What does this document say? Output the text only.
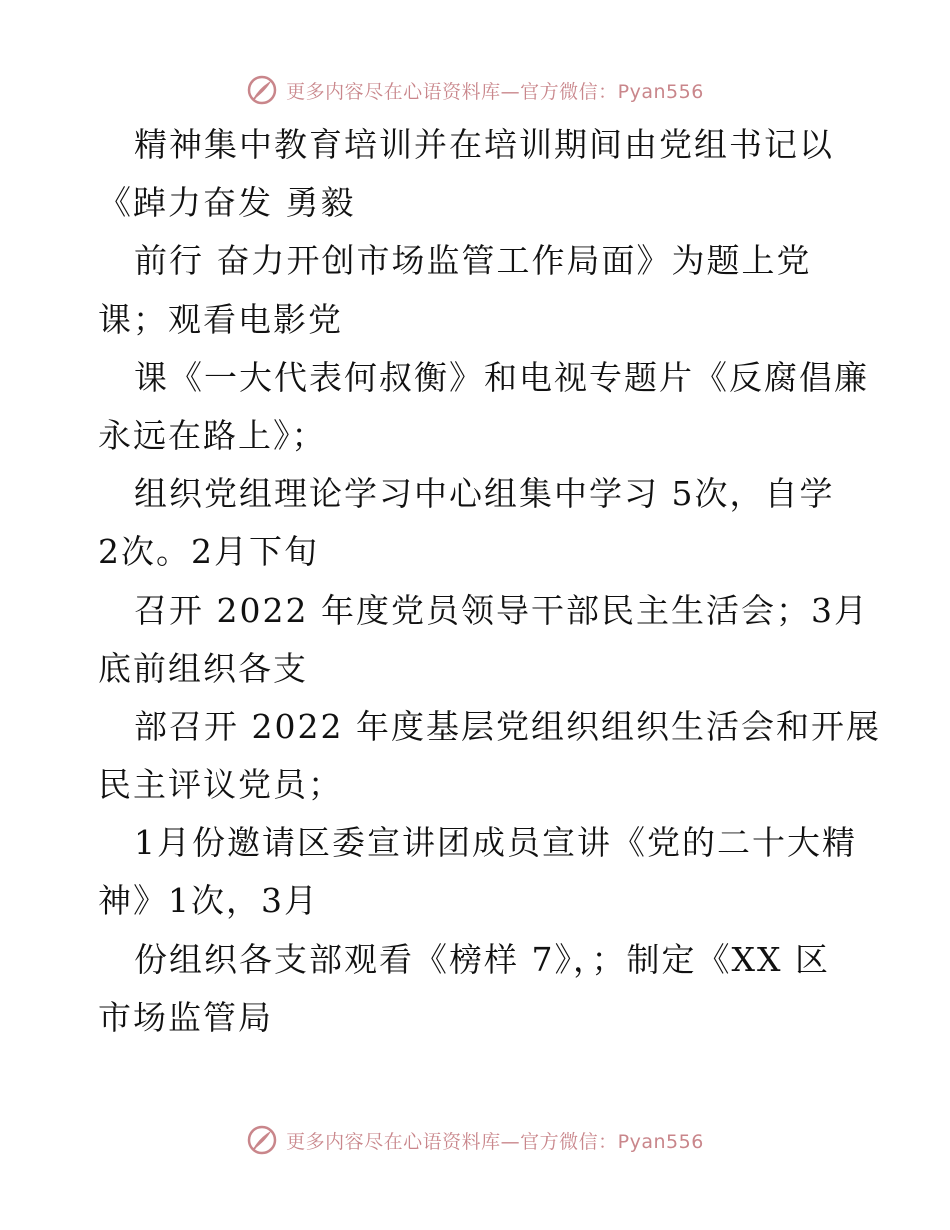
更多内容尽在心语资料库—官方微信：Pyan556
精神集中教育培训并在培训期间由党组书记以
《踔力奋发 勇毅
前行 奋力开创市场监管工作局面》为题上党
课；观看电影党
课《一大代表何叔衡》和电视专题片《反腐倡廉
永远在路上》；
组织党组理论学习中心组集中学习 5次，自学
2次。2月下旬
召开 2022 年度党员领导干部民主生活会；3月
底前组织各支
部召开 2022 年度基层党组织组织生活会和开展
民主评议党员；
1月份邀请区委宣讲团成员宣讲《党的二十大精
神》1次，3月
份组织各支部观看《榜样 7》，；制定《XX 区
市场监管局
更多内容尽在心语资料库—官方微信：Pyan556
